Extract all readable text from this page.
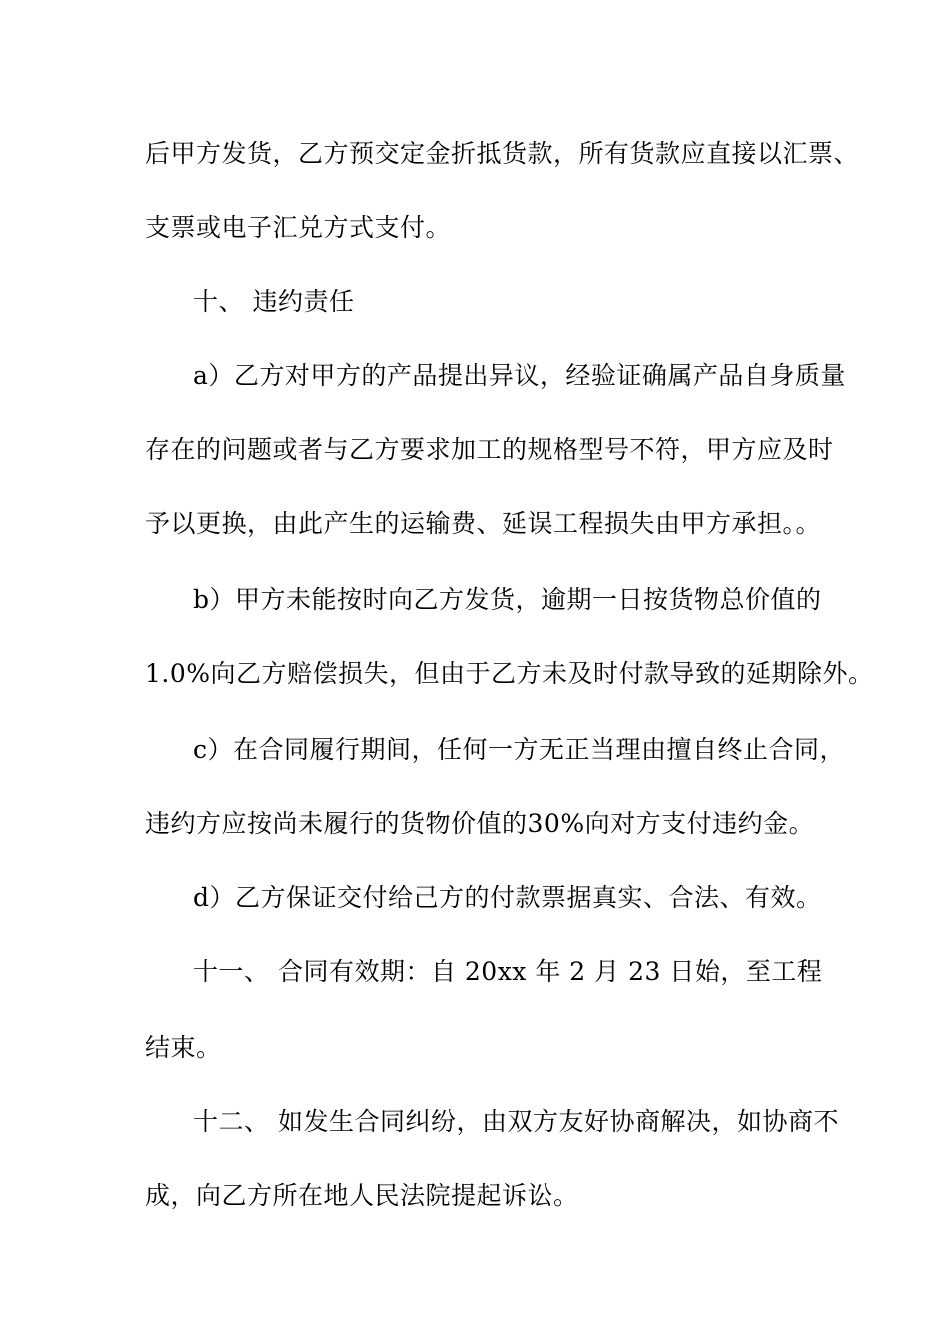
后甲方发货，乙方预交定金折抵货款，所有货款应直接以汇票、
支票或电子汇兑方式支付。
十、 违约责任
a）乙方对甲方的产品提出异议，经验证确属产品自身质量
存在的问题或者与乙方要求加工的规格型号不符，甲方应及时
予以更换，由此产生的运输费、延误工程损失由甲方承担。。
b）甲方未能按时向乙方发货，逾期一日按货物总价值的
1.0%向乙方赔偿损失，但由于乙方未及时付款导致的延期除外。
c）在合同履行期间，任何一方无正当理由擅自终止合同，
违约方应按尚未履行的货物价值的30%向对方支付违约金。
d）乙方保证交付给己方的付款票据真实、合法、有效。
十一、 合同有效期：自 20xx 年 2 月 23 日始，至工程
结束。
十二、 如发生合同纠纷，由双方友好协商解决，如协商不
成，向乙方所在地人民法院提起诉讼。
